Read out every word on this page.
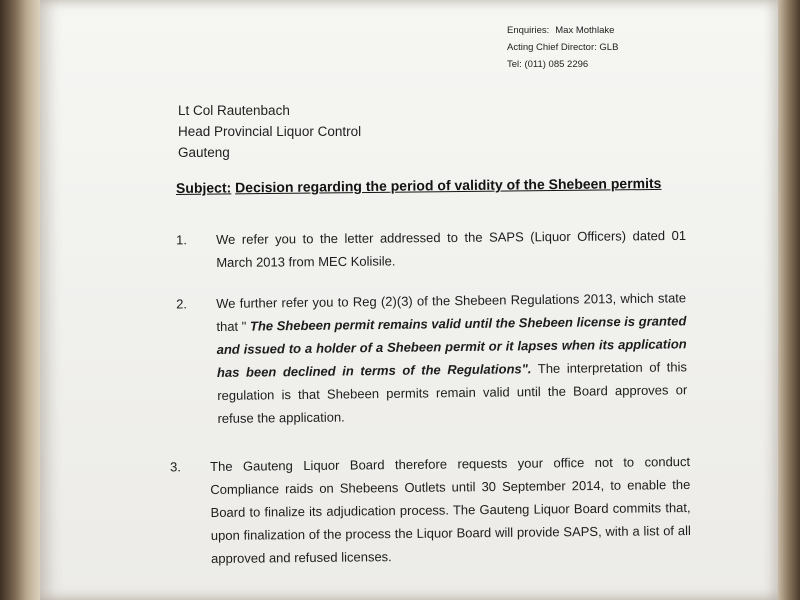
Enquiries: Max Mothlake
Acting Chief Director: GLB
Tel: (011) 085 2296
Lt Col Rautenbach
Head Provincial Liquor Control
Gauteng
Subject: Decision regarding the period of validity of the Shebeen permits
1. We refer you to the letter addressed to the SAPS (Liquor Officers) dated 01 March 2013 from MEC Kolisile.
2. We further refer you to Reg (2)(3) of the Shebeen Regulations 2013, which state that " The Shebeen permit remains valid until the Shebeen license is granted and issued to a holder of a Shebeen permit or it lapses when its application has been declined in terms of the Regulations". The interpretation of this regulation is that Shebeen permits remain valid until the Board approves or refuse the application.
3. The Gauteng Liquor Board therefore requests your office not to conduct Compliance raids on Shebeens Outlets until 30 September 2014, to enable the Board to finalize its adjudication process. The Gauteng Liquor Board commits that, upon finalization of the process the Liquor Board will provide SAPS, with a list of all approved and refused licenses.
